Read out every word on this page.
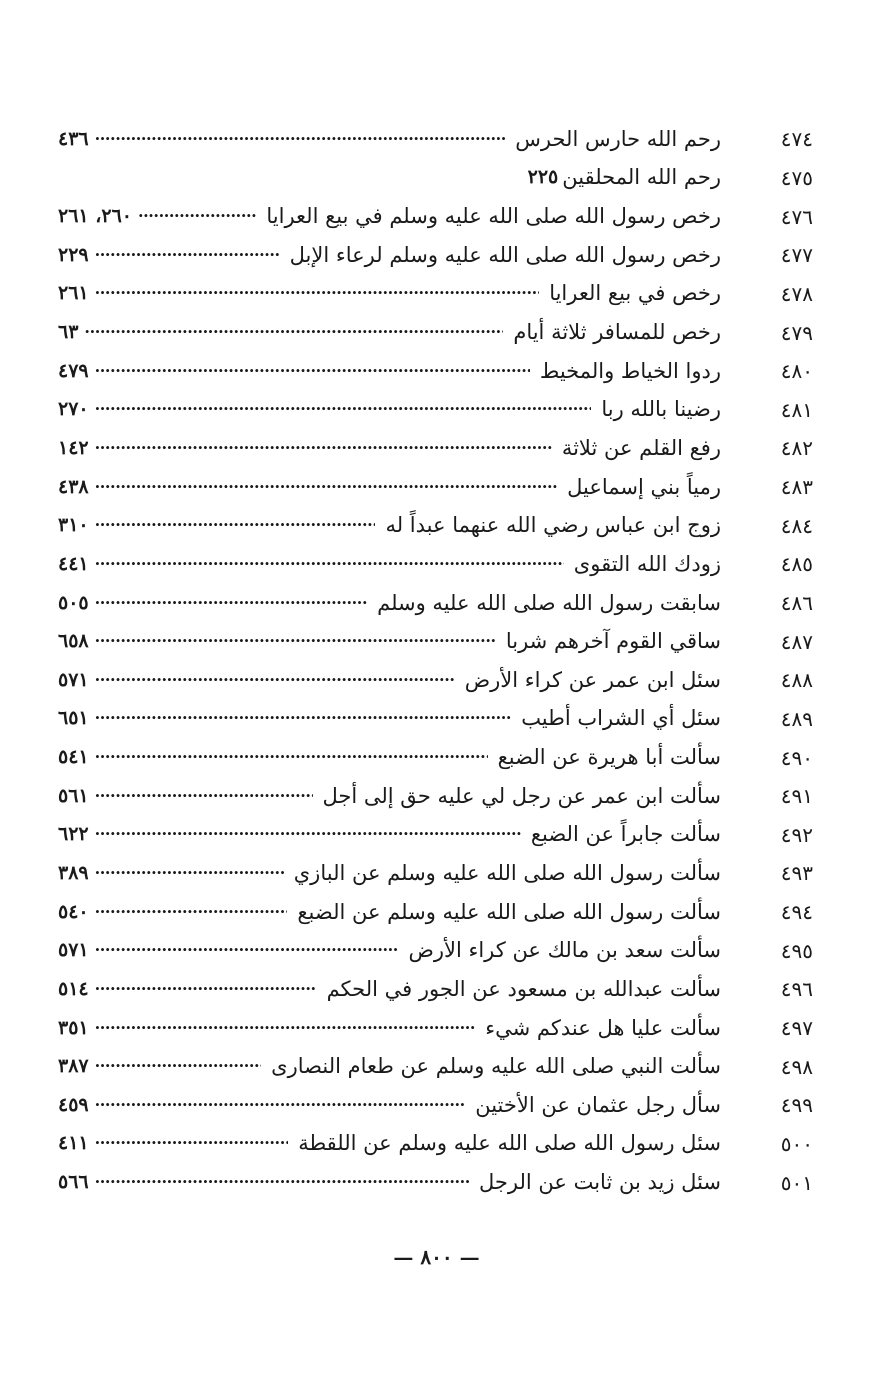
٤٧٤
رحم الله حارس الحرس
. . .
٤٣٦
٤٧٥
رحم الله المحلقين
٢٢٥
٤٧٦
رخص رسول الله صلى الله عليه وسلم في بيع العرايا
. . .
٢٦٠، ٢٦١
٤٧٧
رخص رسول الله صلى الله عليه وسلم لرعاء الإبل
. . .
٢٢٩
٤٧٨
رخص في بيع العرايا
. . .
٢٦١
٤٧٩
رخص للمسافر ثلاثة أيام
. . .
٦٣
٤٨٠
ردوا الخياط والمخيط
. . .
٤٧٩
٤٨١
رضينا بالله ربا
. . .
٢٧٠
٤٨٢
رفع القلم عن ثلاثة
. . .
١٤٢
٤٨٣
رمياً بني إسماعيل
. . .
٤٣٨
٤٨٤
زوج ابن عباس رضي الله عنهما عبداً له
. . .
٣١٠
٤٨٥
زودك الله التقوى
. . .
٤٤١
٤٨٦
سابقت رسول الله صلى الله عليه وسلم
. . .
٥٠٥
٤٨٧
ساقي القوم آخرهم شربا
. . .
٦٥٨
٤٨٨
سئل ابن عمر عن كراء الأرض
. . .
٥٧١
٤٨٩
سئل أي الشراب أطيب
. . .
٦٥١
٤٩٠
سألت أبا هريرة عن الضبع
. . .
٥٤١
٤٩١
سألت ابن عمر عن رجل لي عليه حق إلى أجل
. . .
٥٦١
٤٩٢
سألت جابراً عن الضبع
. . .
٦٢٢
٤٩٣
سألت رسول الله صلى الله عليه وسلم عن البازي
. . .
٣٨٩
٤٩٤
سألت رسول الله صلى الله عليه وسلم عن الضبع
. . .
٥٤٠
٤٩٥
سألت سعد بن مالك عن كراء الأرض
. . .
٥٧١
٤٩٦
سألت عبدالله بن مسعود عن الجور في الحكم
. . .
٥١٤
٤٩٧
سألت عليا هل عندكم شيء
. . .
٣٥١
٤٩٨
سألت النبي صلى الله عليه وسلم عن طعام النصارى
. . .
٣٨٧
٤٩٩
سأل رجل عثمان عن الأختين
. . .
٤٥٩
٥٠٠
سئل رسول الله صلى الله عليه وسلم عن اللقطة
. . .
٤١١
٥٠١
سئل زيد بن ثابت عن الرجل
. . .
٥٦٦
— ٨٠٠ —
